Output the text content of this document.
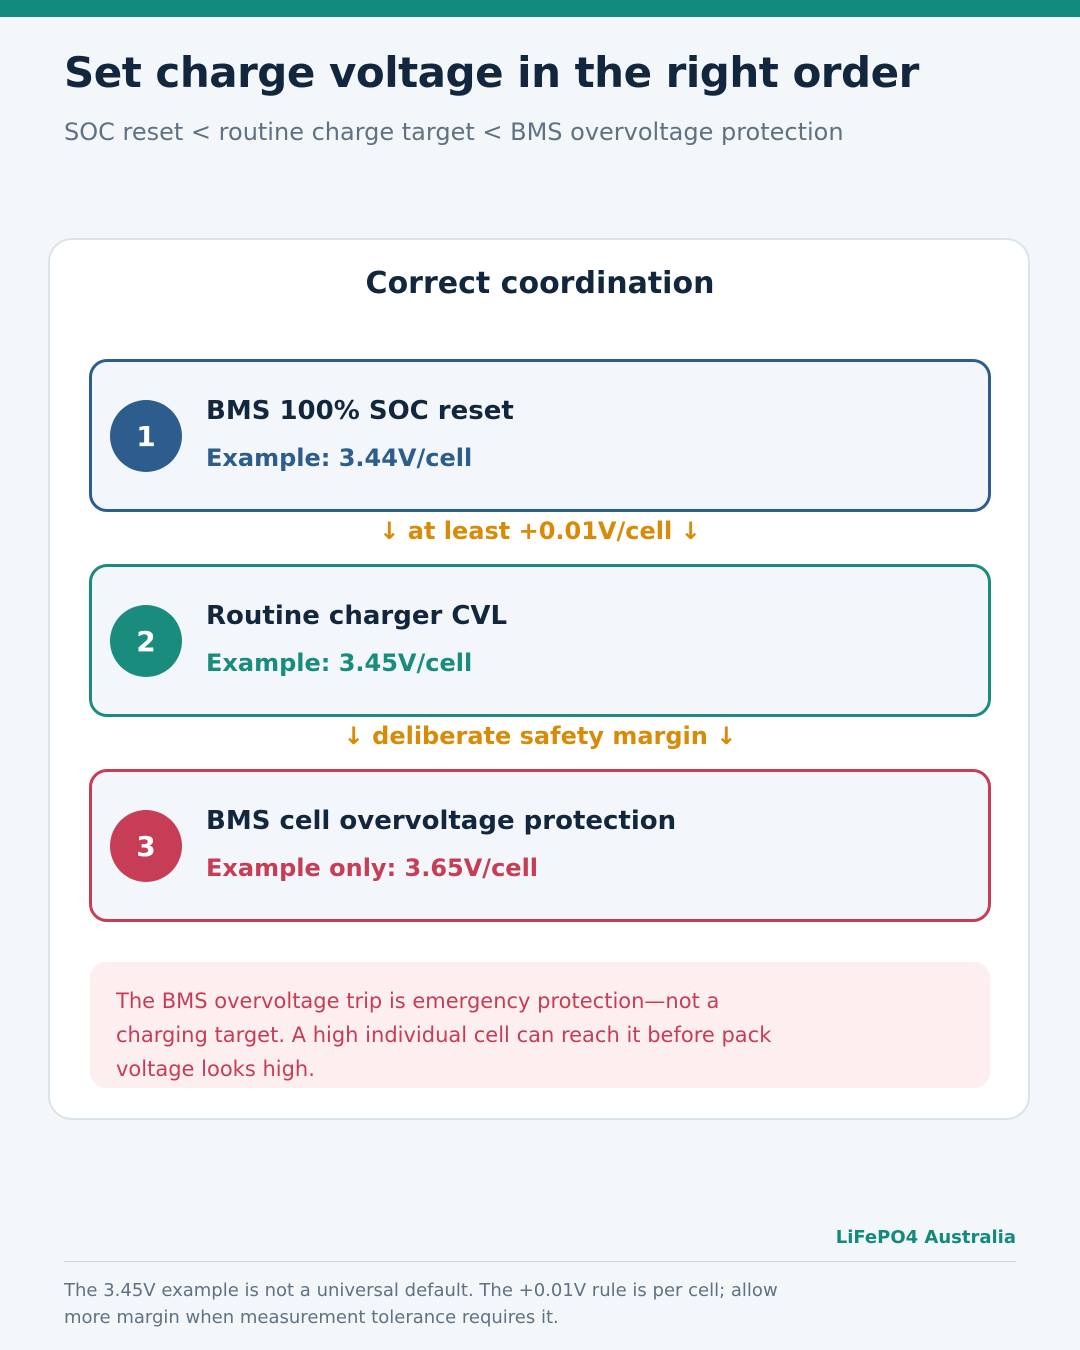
Set charge voltage in the right order

SOC reset < routine charge target < BMS overvoltage protection

Correct coordination
1
BMS 100% SOC reset
Example: 3.44V/cell
↓ at least +0.01V/cell ↓
2
Routine charger CVL
Example: 3.45V/cell
↓ deliberate safety margin ↓
3
BMS cell overvoltage protection
Example only: 3.65V/cell

The BMS overvoltage trip is emergency protection—not a charging target. A high individual cell can reach it before pack voltage looks high.

LiFePO4 Australia

The 3.45V example is not a universal default. The +0.01V rule is per cell; allow more margin when measurement tolerance requires it.
